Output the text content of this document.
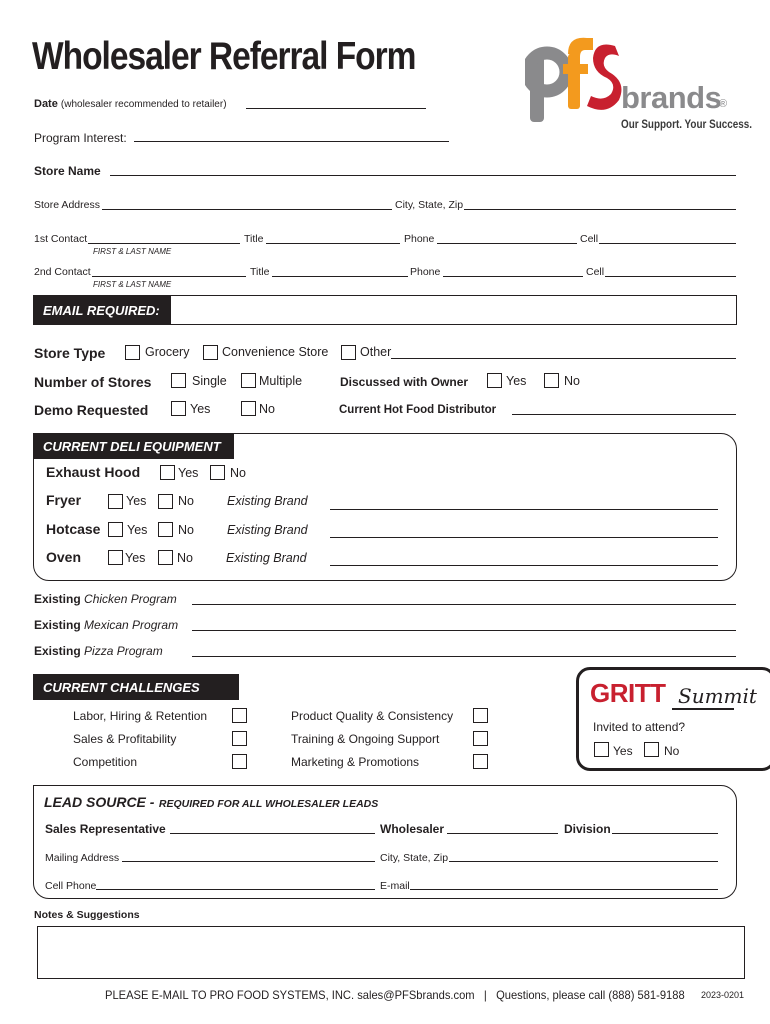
Wholesaler Referral Form
brands
®
Our Support. Your Success.
Date (wholesaler recommended to retailer)
Program Interest:
Store Name
Store Address	City, State, Zip
1st Contact
FIRST & LAST NAME
Title	Phone	Cell
2nd Contact
FIRST & LAST NAME
Title	Phone	Cell
EMAIL REQUIRED:
Store Type	Grocery	Convenience Store	Other
Number of Stores	Single	Multiple	Discussed with Owner	Yes	No
Demo Requested	Yes	No	Current Hot Food Distributor
CURRENT DELI EQUIPMENT
Exhaust Hood	Yes	No
Fryer	Yes	No	Existing Brand
Hotcase Yes No	Existing Brand
Oven	Yes	No	Existing Brand
Existing Chicken Program
Existing Mexican Program
Existing Pizza Program
CURRENT CHALLENGES
Labor, Hiring & Retention
Sales & Profitability
Competition
Product Quality & Consistency
Training & Ongoing Support
Marketing & Promotions
GRITT Summit
Invited to attend?
Yes	No
LEAD SOURCE - REQUIRED FOR ALL WHOLESALER LEADS
Sales Representative	Wholesaler	Division
Mailing Address	City, State, Zip
Cell Phone	E-mail
Notes & Suggestions
PLEASE E-MAIL TO PRO FOOD SYSTEMS, INC. sales@PFSbrands.com   |   Questions, please call (888) 581-9188 2023-0201
